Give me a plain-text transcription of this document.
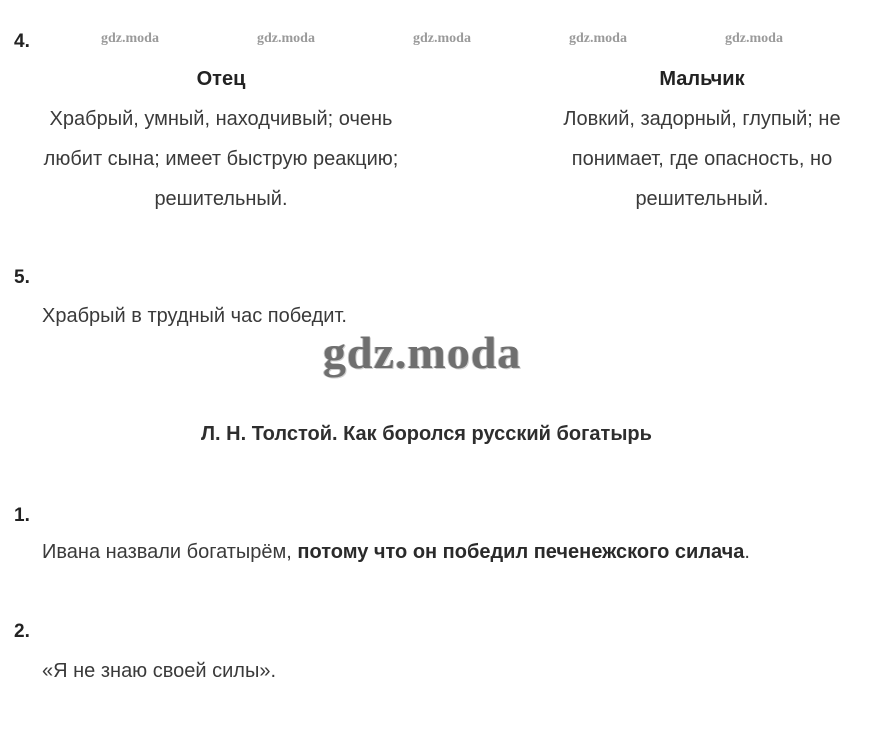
4.	gdz.moda	gdz.moda	gdz.moda	gdz.moda	gdz.moda
Отец
Храбрый, умный, находчивый; очень
любит сына; имеет быструю реакцию;
решительный.
Мальчик
Ловкий, задорный, глупый; не
понимает, где опасность, но
решительный.
5.
Храбрый в трудный час победит.
gdz.moda
Л. Н. Толстой. Как боролся русский богатырь
1.
Ивана назвали богатырём, потому что он победил печенежского силача.
2.
«Я не знаю своей силы».
